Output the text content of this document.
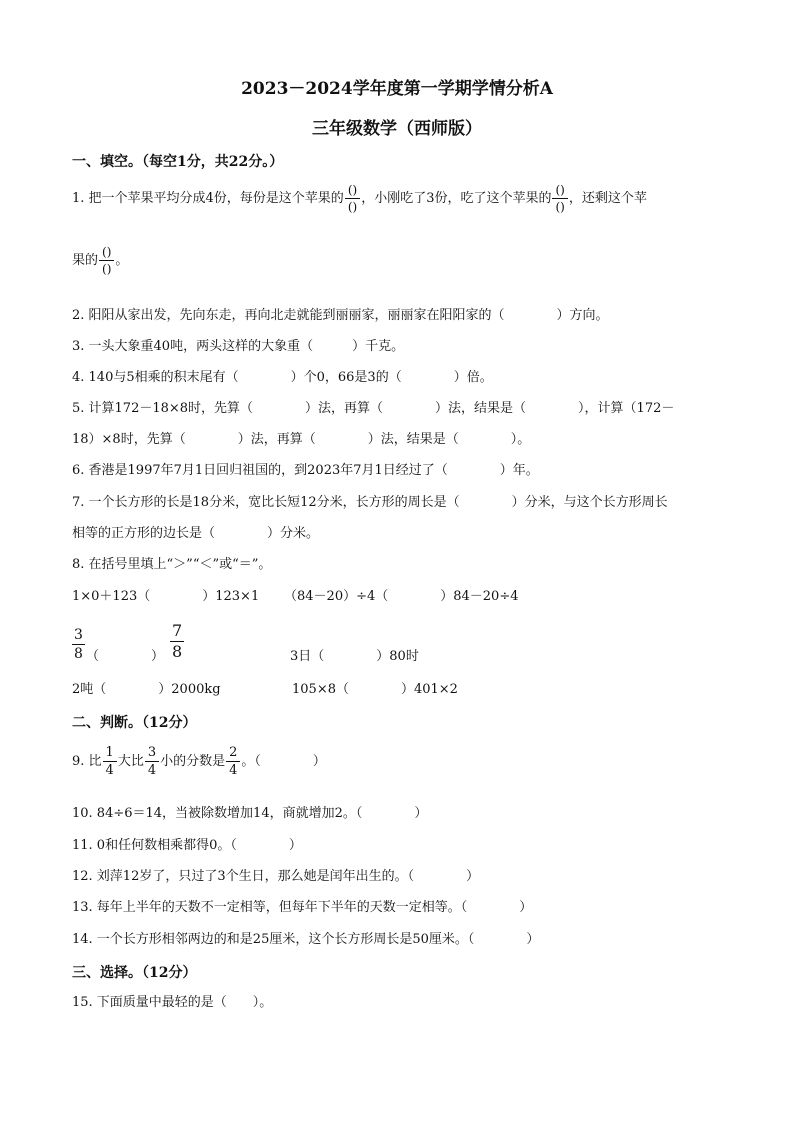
2023－2024学年度第一学期学情分析A
三年级数学（西师版）
一、填空。（每空1分，共22分。）
1. 把一个苹果平均分成4份，每份是这个苹果的 $\frac{()}{()}$ ，小刚吃了3份，吃了这个苹果的 $\frac{()}{()}$ ，还剩这个苹
果的 $\frac{()}{()}$ 。
2. 阳阳从家出发，先向东走，再向北走就能到丽丽家，丽丽家在阳阳家的（　　　　）方向。
3. 一头大象重40吨，两头这样的大象重（　　　）千克。
4. 140与5相乘的积末尾有（　　　　）个0，66是3的（　　　　）倍。
5. 计算172－18×8时，先算（　　　　）法，再算（　　　　）法，结果是（　　　　），计算（172－
18）×8时，先算（　　　　）法，再算（　　　　）法，结果是（　　　　）。
6. 香港是1997年7月1日回归祖国的，到2023年7月1日经过了（　　　　）年。
7. 一个长方形的长是18分米，宽比长短12分米，长方形的周长是（　　　　）分米，与这个长方形周长
相等的正方形的边长是（　　　　）分米。
8. 在括号里填上“＞”“＜”或“＝”。
1×0＋123（　　　　）123×1 （84－20）÷4（　　　　）84－20÷4
$\frac{3}{8}$ （　　　　） $\frac{7}{8}$	3日（　　　　）80时
2吨（　　　　）2000kg	105×8（　　　　）401×2
二、判断。（12分）
9. 比 $\frac{1}{4}$ 大比 $\frac{3}{4}$ 小的分数是 $\frac{2}{4}$ 。（　　　　）
10. 84÷6＝14，当被除数增加14，商就增加2。（　　　　）
11. 0和任何数相乘都得0。（　　　　）
12. 刘萍12岁了，只过了3个生日，那么她是闰年出生的。（　　　　）
13. 每年上半年的天数不一定相等，但每年下半年的天数一定相等。（　　　　）
14. 一个长方形相邻两边的和是25厘米，这个长方形周长是50厘米。（　　　　）
三、选择。（12分）
15. 下面质量中最轻的是（　　）。
